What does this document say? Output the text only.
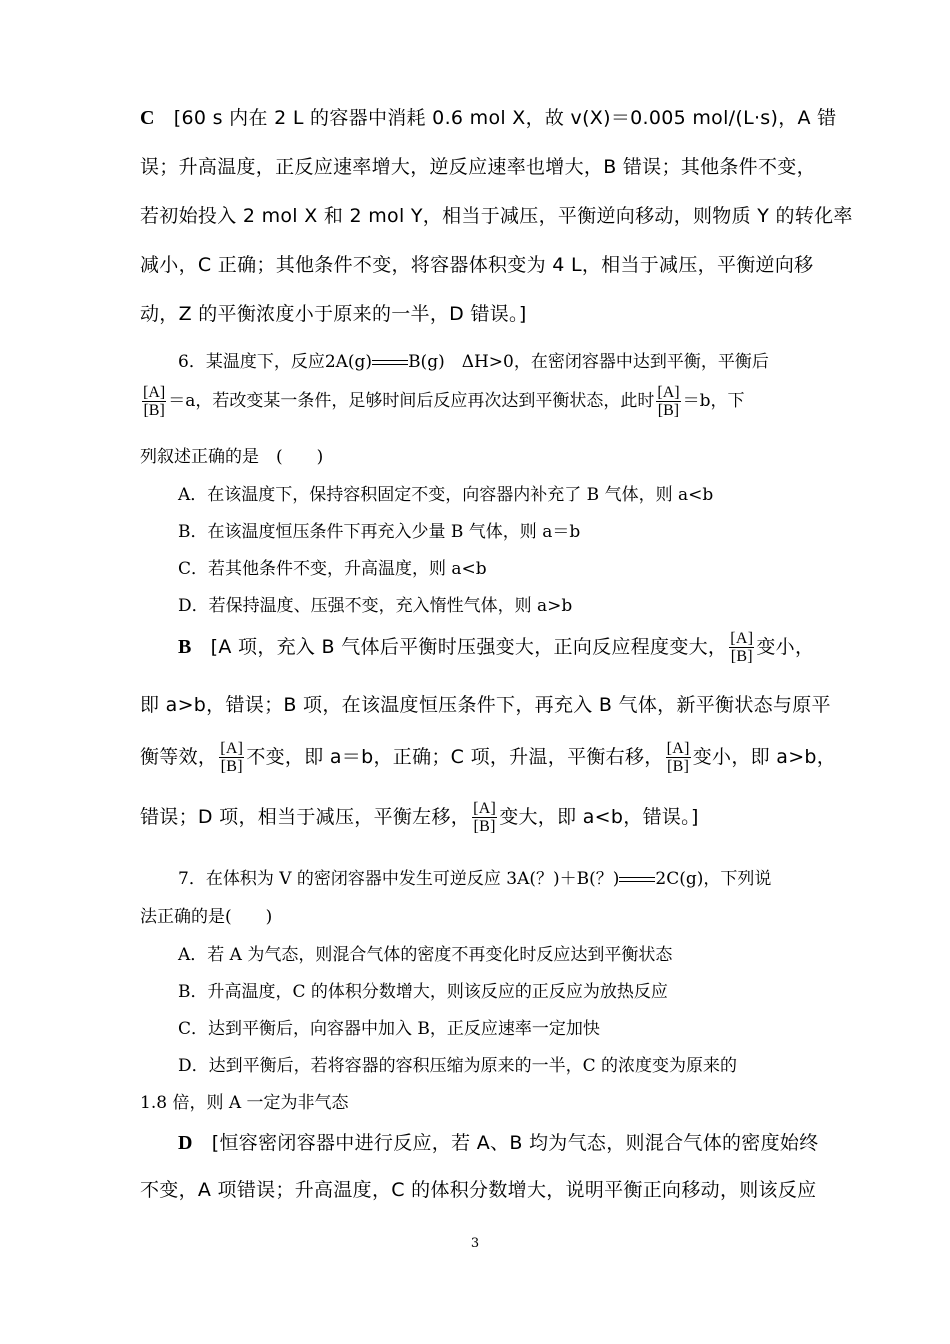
C [60 s 内在 2 L 的容器中消耗 0.6 mol X，故 v(X)＝0.005 mol/(L·s)，A 错
误；升高温度，正反应速率增大，逆反应速率也增大，B 错误；其他条件不变，
若初始投入 2 mol X 和 2 mol Y，相当于减压，平衡逆向移动，则物质 Y 的转化率
减小，C 正确；其他条件不变，将容器体积变为 4 L，相当于减压，平衡逆向移
动，Z 的平衡浓度小于原来的一半，D 错误。]
6．某温度下，反应2A(g) B(g)　ΔH>0，在密闭容器中达到平衡，平衡后
$\frac{[A]}{[B]} =a$，若改变某一条件，足够时间后反应再次达到平衡状态，此时 $\frac{[A]}{[B]} =b$，下
列叙述正确的是　(　　)
A．在该温度下，保持容积固定不变，向容器内补充了 B 气体，则 a<b
B．在该温度恒压条件下再充入少量 B 气体，则 a＝b
C．若其他条件不变，升高温度，则 a<b
D．若保持温度、压强不变，充入惰性气体，则 a>b
B [A 项，充入 B 气体后平衡时压强变大，正向反应程度变大， $\frac{[A]}{[B]}$ 变小，
即 a>b，错误；B 项，在该温度恒压条件下，再充入 B 气体，新平衡状态与原平
衡等效， $\frac{[A]}{[B]}$ 不变，即 a＝b，正确；C 项，升温，平衡右移， $\frac{[A]}{[B]}$ 变小，即 a>b，
错误；D 项，相当于减压，平衡左移， $\frac{[A]}{[B]}$ 变大，即 a<b，错误。]
7．在体积为 V 的密闭容器中发生可逆反应 3A(？)＋B(？) 2C(g)，下列说
法正确的是(　　)
A．若 A 为气态，则混合气体的密度不再变化时反应达到平衡状态
B．升高温度，C 的体积分数增大，则该反应的正反应为放热反应
C．达到平衡后，向容器中加入 B，正反应速率一定加快
D．达到平衡后，若将容器的容积压缩为原来的一半，C 的浓度变为原来的
1.8 倍，则 A 一定为非气态
D [恒容密闭容器中进行反应，若 A、B 均为气态，则混合气体的密度始终
不变，A 项错误；升高温度，C 的体积分数增大，说明平衡正向移动，则该反应
3
